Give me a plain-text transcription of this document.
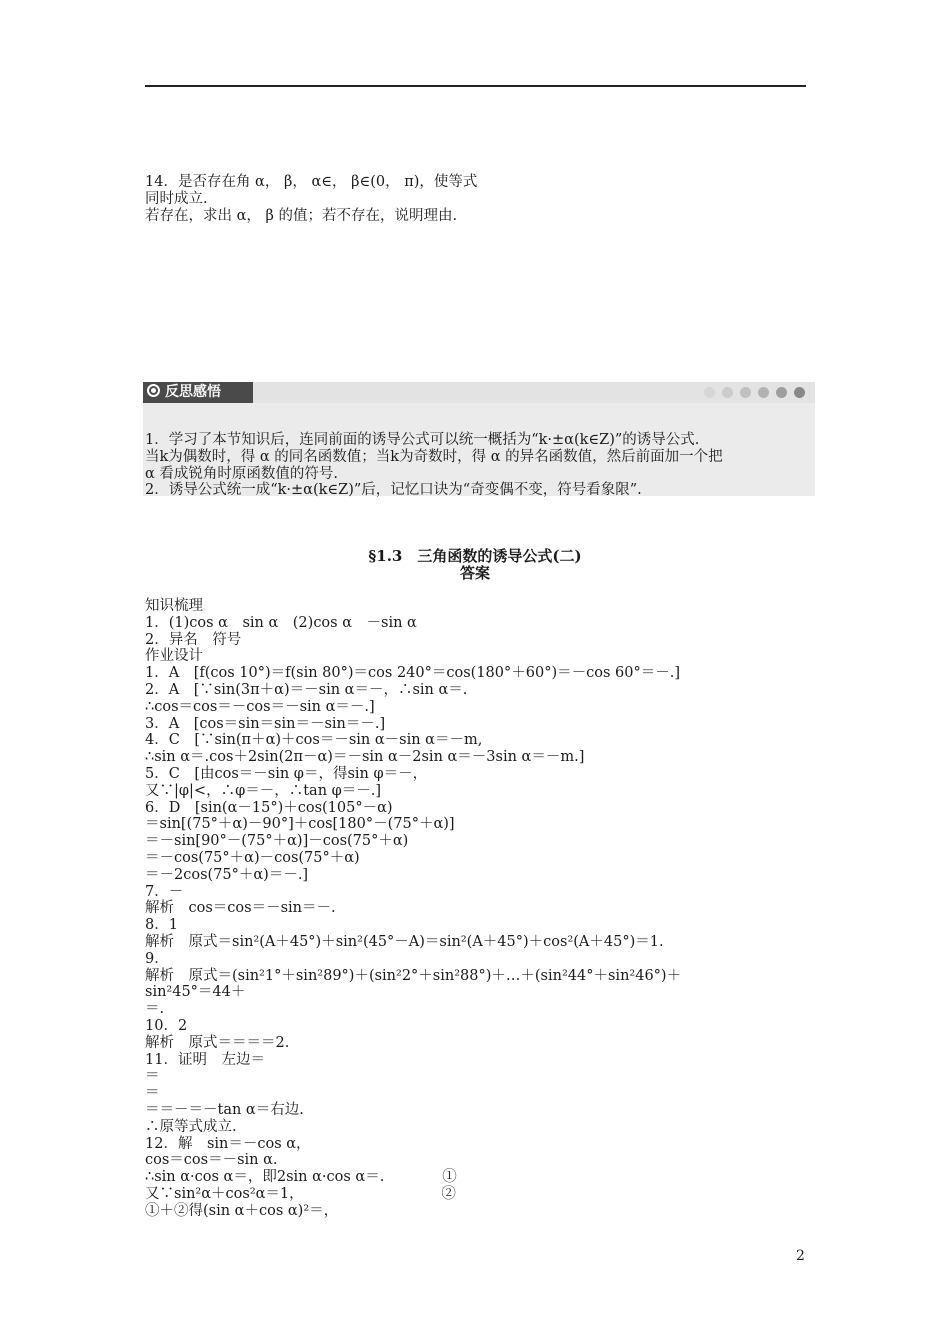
14．是否存在角 α， β， α∈， β∈(0， π)，使等式
同时成立.
若存在，求出 α， β 的值；若不存在，说明理由.
反思感悟
1．学习了本节知识后，连同前面的诱导公式可以统一概括为“k·±α(k∈Z)”的诱导公式.
当k为偶数时，得 α 的同名函数值；当k为奇数时，得 α 的异名函数值，然后前面加一个把
α 看成锐角时原函数值的符号.
2．诱导公式统一成“k·±α(k∈Z)”后，记忆口诀为“奇变偶不变，符号看象限”.
§1.3　三角函数的诱导公式(二)
答案
知识梳理
1．(1)cos α　sin α　(2)cos α　－sin α
2．异名　符号
作业设计
1．A　[f(cos 10°)＝f(sin 80°)＝cos 240°＝cos(180°＋60°)＝－cos 60°＝－.]
2．A　[∵sin(3π＋α)＝－sin α＝－，∴sin α＝.
∴cos＝cos＝－cos＝－sin α＝－.]
3．A　[cos＝sin＝sin＝－sin＝－.]
4．C　[∵sin(π＋α)＋cos＝－sin α－sin α＝－m,
∴sin α＝.cos＋2sin(2π－α)＝－sin α－2sin α＝－3sin α＝－m.]
5．C　[由cos＝－sin φ＝，得sin φ＝－，
又∵|φ|<，∴φ＝－，∴tan φ＝－.]
6．D　[sin(α－15°)＋cos(105°－α)
＝sin[(75°＋α)－90°]＋cos[180°－(75°＋α)]
＝－sin[90°－(75°＋α)]－cos(75°＋α)
＝－cos(75°＋α)－cos(75°＋α)
＝－2cos(75°＋α)＝－.]
7．－
解析　cos＝cos＝－sin＝－.
8．1
解析　原式＝sin²(A＋45°)＋sin²(45°－A)＝sin²(A＋45°)＋cos²(A＋45°)＝1.
9．
解析　原式＝(sin²1°＋sin²89°)＋(sin²2°＋sin²88°)＋…＋(sin²44°＋sin²46°)＋
sin²45°＝44＋
＝.
10．2
解析　原式＝＝＝＝2.
11．证明　左边＝
＝
＝
＝＝－＝－tan α＝右边.
∴原等式成立.
12．解　sin＝－cos α，
cos＝cos＝－sin α.
∴sin α·cos α＝，即2sin α·cos α＝.　　　　①
又∵sin²α＋cos²α＝1，　　　　　　　　　　②
①＋②得(sin α＋cos α)²＝，
2
